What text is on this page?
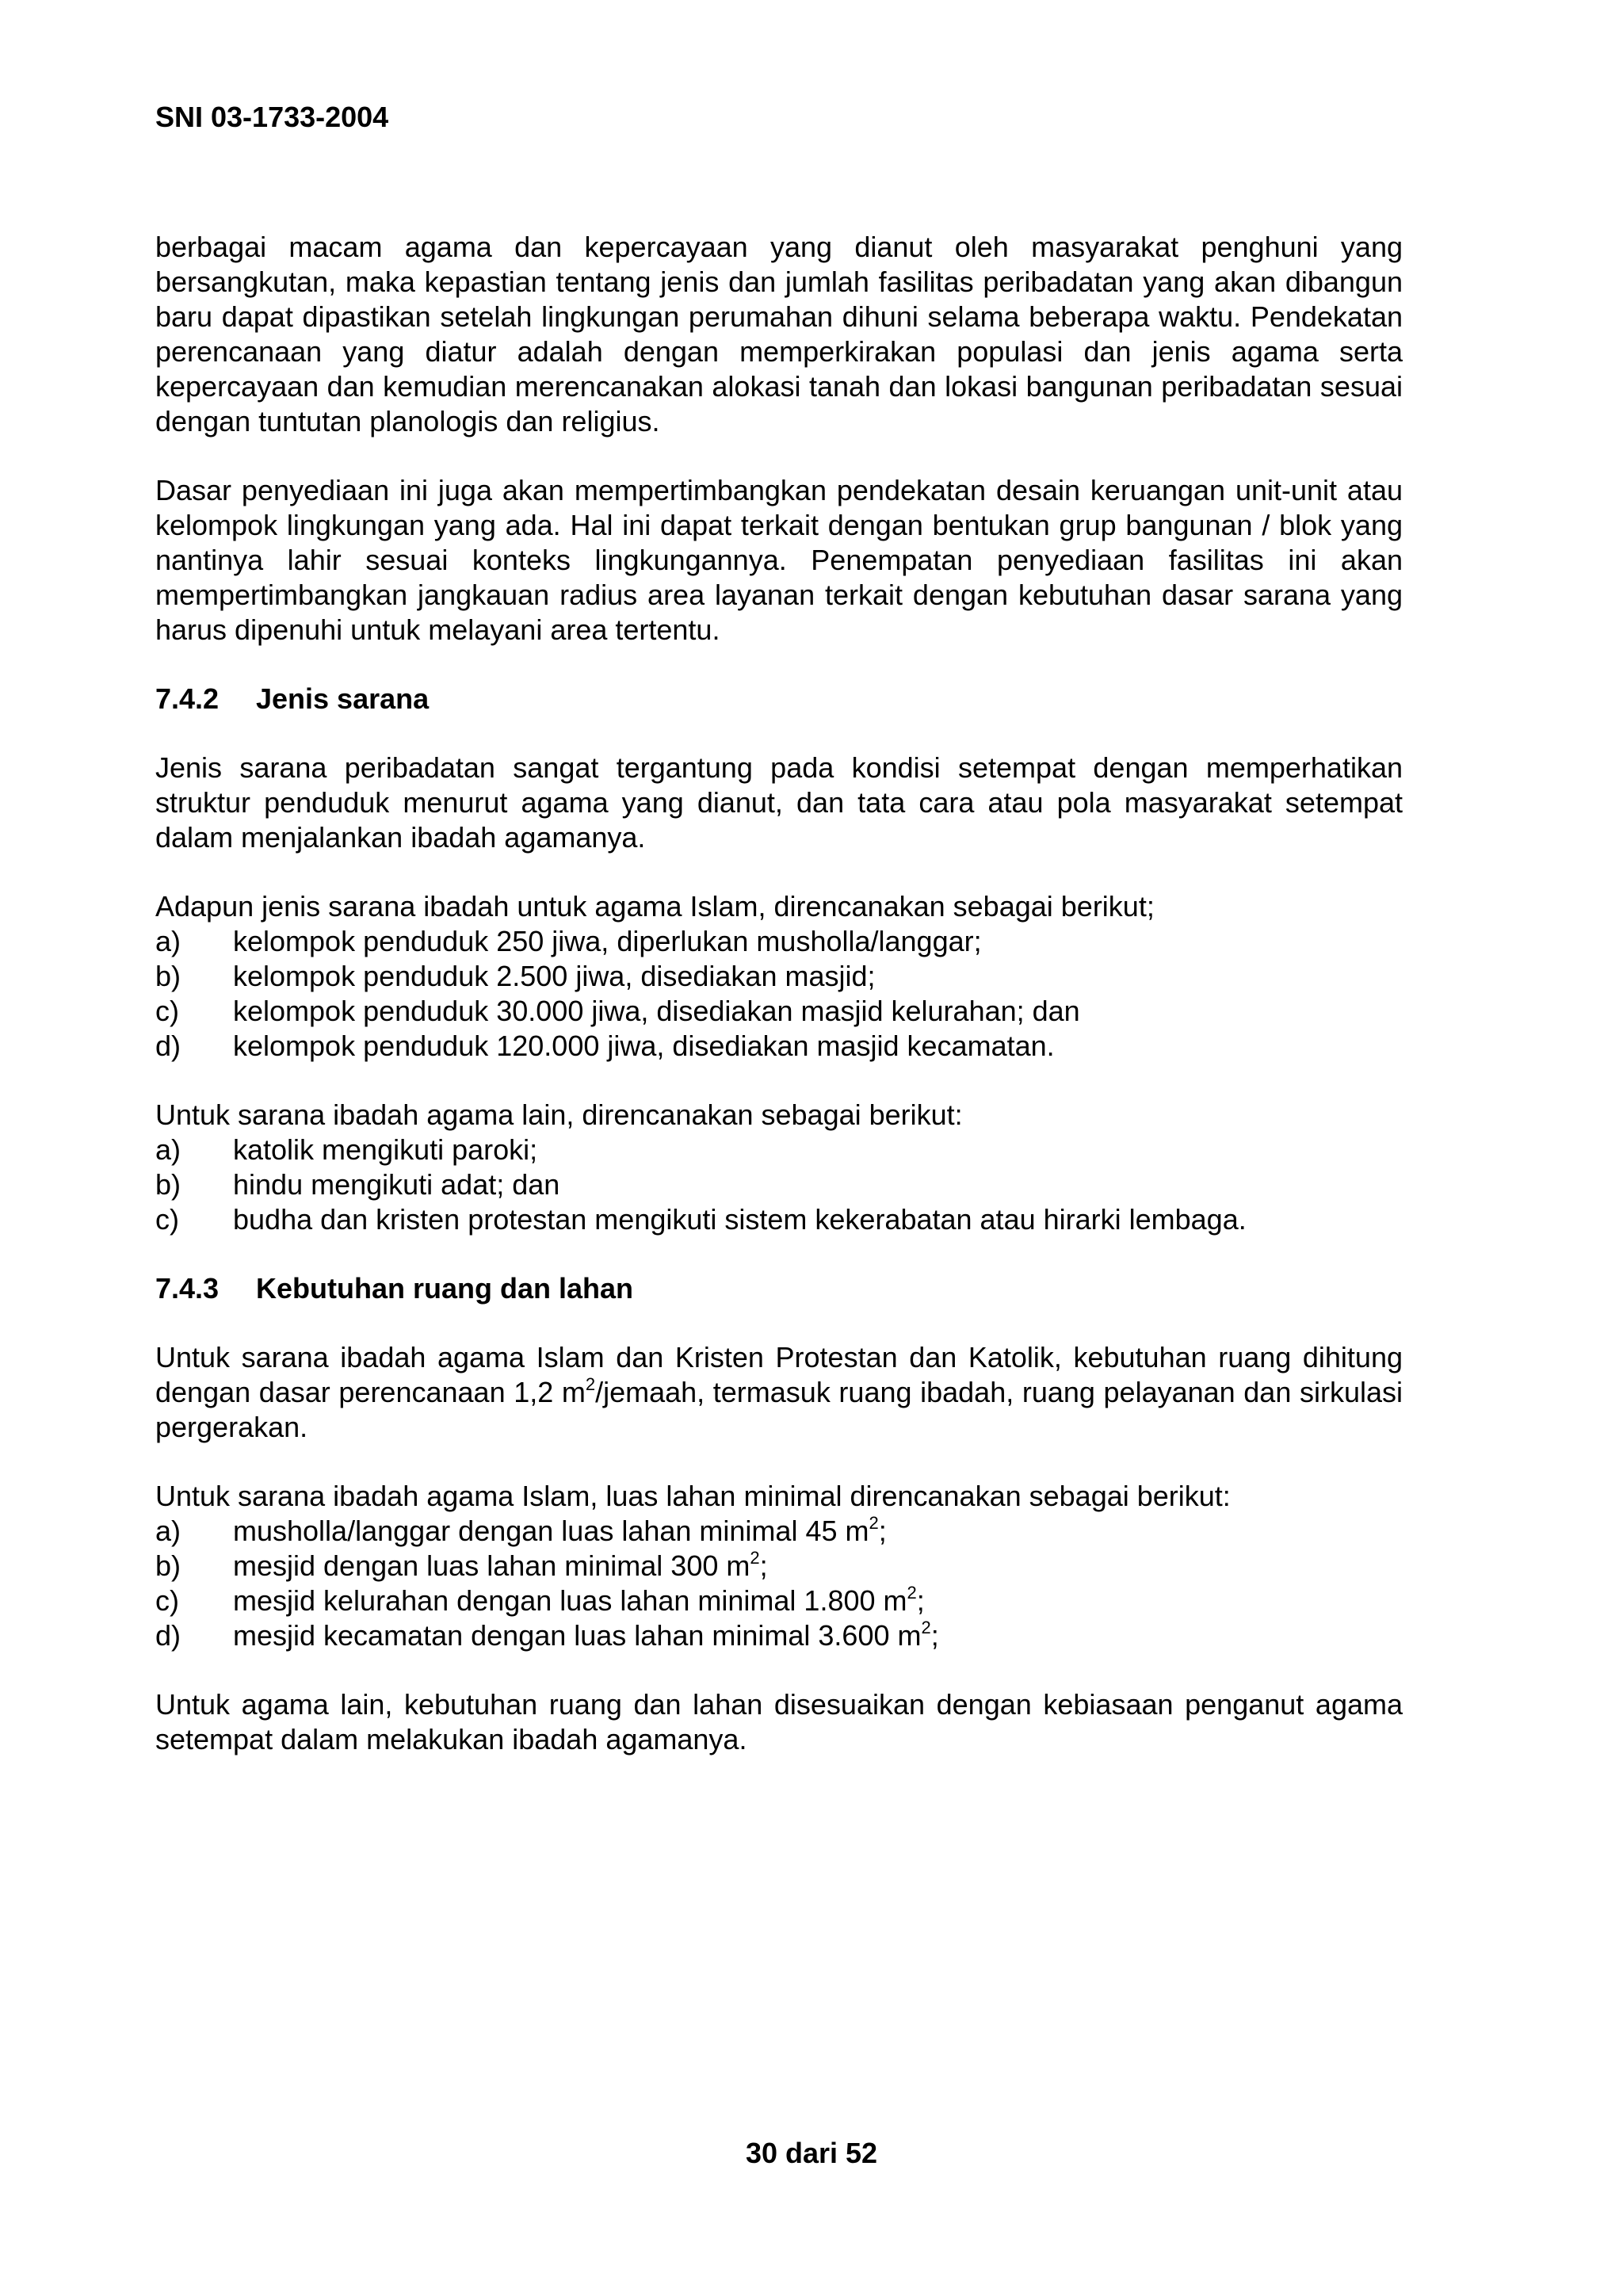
SNI 03-1733-2004

berbagai macam agama dan kepercayaan yang dianut oleh masyarakat penghuni yang bersangkutan, maka kepastian tentang jenis dan jumlah fasilitas peribadatan yang akan dibangun baru dapat dipastikan setelah lingkungan perumahan dihuni selama beberapa waktu. Pendekatan perencanaan yang diatur adalah dengan memperkirakan populasi dan jenis agama serta kepercayaan dan kemudian merencanakan alokasi tanah dan lokasi bangunan peribadatan sesuai dengan tuntutan planologis dan religius.

Dasar penyediaan ini juga akan mempertimbangkan pendekatan desain keruangan unit-unit atau kelompok lingkungan yang ada. Hal ini dapat terkait dengan bentukan grup bangunan / blok yang nantinya lahir sesuai konteks lingkungannya. Penempatan penyediaan fasilitas ini akan mempertimbangkan jangkauan radius area layanan terkait dengan kebutuhan dasar sarana yang harus dipenuhi untuk melayani area tertentu.

7.4.2 Jenis sarana

Jenis sarana peribadatan sangat tergantung pada kondisi setempat dengan memperhatikan struktur penduduk menurut agama yang dianut, dan tata cara atau pola masyarakat setempat dalam menjalankan ibadah agamanya.

Adapun jenis sarana ibadah untuk agama Islam, direncanakan sebagai berikut;

a)	kelompok penduduk 250 jiwa, diperlukan musholla/langgar;
b)	kelompok penduduk 2.500 jiwa, disediakan masjid;
c)	kelompok penduduk 30.000 jiwa, disediakan masjid kelurahan; dan
d)	kelompok penduduk 120.000 jiwa, disediakan masjid kecamatan.

Untuk sarana ibadah agama lain, direncanakan sebagai berikut:

a)	katolik mengikuti paroki;
b)	hindu mengikuti adat; dan
c)	budha dan kristen protestan mengikuti sistem kekerabatan atau hirarki lembaga.
7.4.3 Kebutuhan ruang dan lahan

Untuk sarana ibadah agama Islam dan Kristen Protestan dan Katolik, kebutuhan ruang dihitung dengan dasar perencanaan 1,2 $m^2$/jemaah, termasuk ruang ibadah, ruang pelayanan dan sirkulasi pergerakan.

Untuk sarana ibadah agama Islam, luas lahan minimal direncanakan sebagai berikut:

a)	musholla/langgar dengan luas lahan minimal 45 $m^2$;
b)	mesjid dengan luas lahan minimal 300 $m^2$;
c)	mesjid kelurahan dengan luas lahan minimal 1.800 $m^2$;
d)	mesjid kecamatan dengan luas lahan minimal 3.600 $m^2$;

Untuk agama lain, kebutuhan ruang dan lahan disesuaikan dengan kebiasaan penganut agama setempat dalam melakukan ibadah agamanya.

30 dari 52
